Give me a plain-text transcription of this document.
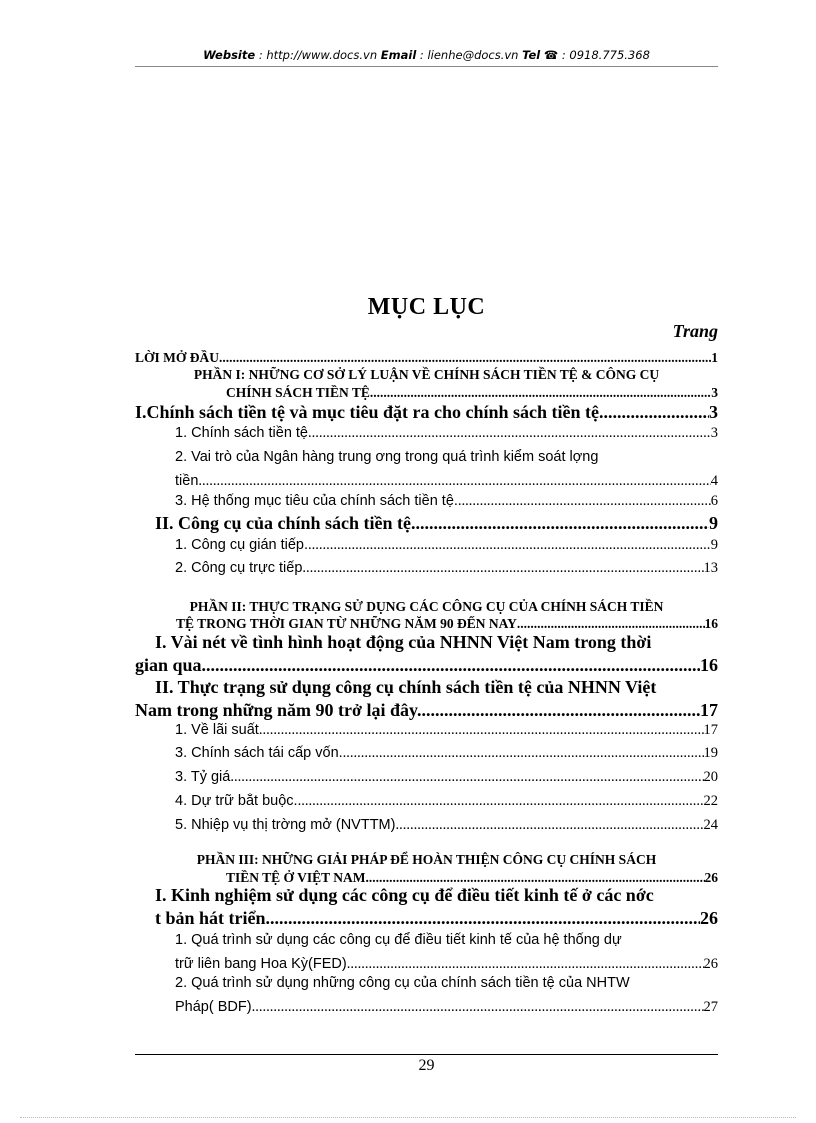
Website : http://www.docs.vn Email : lienhe@docs.vn Tel ☎ : 0918.775.368
MỤC LỤC
Trang
LỜI MỞ ĐẦU .....	1
PHẦN I: NHỮNG CƠ SỞ LÝ LUẬN VỀ CHÍNH SÁCH TIỀN TỆ & CÔNG CỤ
CHÍNH SÁCH TIỀN TỆ .....	3
I.Chính sách tiền tệ và mục tiêu đặt ra cho chính sách tiền tệ .....	3
1. Chính sách tiền tệ .....	3
2. Vai trò của Ngân hàng trung ơng trong quá trình kiểm soát lợng
tiền .....	4
3. Hệ thống mục tiêu của chính sách tiền tệ. .....	6
II. Công cụ của chính sách tiền tệ. .....	9
1. Công cụ gián tiếp. .....	9
2. Công cụ trực tiếp .....	13
PHẦN II: THỰC TRẠNG SỬ DỤNG CÁC CÔNG CỤ CỦA CHÍNH SÁCH TIỀN
TỆ TRONG THỜI GIAN TỪ NHỮNG NĂM 90 ĐẾN NAY .....	16
I. Vài nét về tình hình hoạt động của NHNN Việt Nam trong thời
gian qua. .....	16
II. Thực trạng sử dụng công cụ chính sách tiền tệ của NHNN Việt
Nam trong những năm 90 trở lại đây. .....	17
1. Về lãi suất .....	17
3. Chính sách tái cấp vốn. .....	19
3. Tỷ giá .....	20
4. Dự trữ bắt buộc. .....	22
5. Nhiệp vụ thị trờng mở (NVTTM) .....	24
PHẦN III: NHỮNG GIẢI PHÁP ĐỂ HOÀN THIỆN CÔNG CỤ CHÍNH SÁCH
TIỀN TỆ Ở VIỆT NAM .....	26
I. Kinh nghiệm sử dụng các công cụ để điều tiết kinh tế ở các nớc
t bản hát triển. .....	26
1. Quá trình sử dụng các công cụ để điều tiết kinh tế của hệ thống dự
trữ liên bang Hoa Kỳ(FED) .....	26
2. Quá trình sử dụng những công cụ của chính sách tiền tệ của NHTW
Pháp( BDF) .....	27
29
